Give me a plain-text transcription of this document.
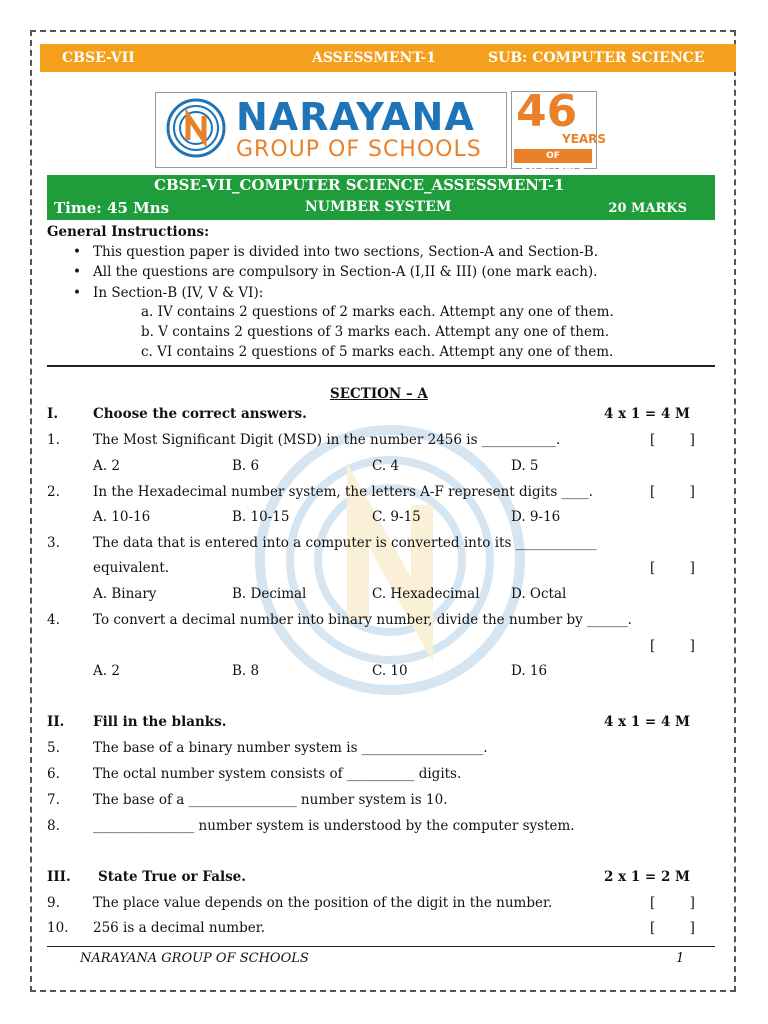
CBSE-VII	ASSESSMENT-1	SUB: COMPUTER SCIENCE
NARAYANA
GROUP OF SCHOOLS
46
YEARS
OF EXCELLENCE
CBSE-VII_COMPUTER SCIENCE_ASSESSMENT-1
Time: 45 Mns	NUMBER SYSTEM	20 MARKS
General Instructions:
• This question paper is divided into two sections, Section-A and Section-B.
• All the questions are compulsory in Section-A (I,II & III) (one mark each).
• In Section-B (IV, V & VI):
a. IV contains 2 questions of 2 marks each. Attempt any one of them.
b. V contains 2 questions of 3 marks each. Attempt any one of them.
c. VI contains 2 questions of 5 marks each. Attempt any one of them.
SECTION – A
I.	Choose the correct answers.	4 x 1 = 4 M
1. The Most Significant Digit (MSD) in the number 2456 is ___________.	[        ]
A. 2	B. 6	C. 4	D. 5
2. In the Hexadecimal number system, the letters A-F represent digits ____.	[        ]
A. 10-16	B. 10-15	C. 9-15	D. 9-16
3. The data that is entered into a computer is converted into its ____________
equivalent.	[        ]
A. Binary	B. Decimal	C. Hexadecimal D. Octal
4. To convert a decimal number into binary number, divide the number by ______.
[        ]
A. 2	B. 8	C. 10	D. 16
II. Fill in the blanks.	4 x 1 = 4 M
5. The base of a binary number system is __________________.
6. The octal number system consists of __________ digits.
7. The base of a ________________ number system is 10.
8. _______________ number system is understood by the computer system.
III. State True or False.	2 x 1 = 2 M
9. The place value depends on the position of the digit in the number.	[        ]
10. 256 is a decimal number.	[        ]
NARAYANA GROUP OF SCHOOLS	1
